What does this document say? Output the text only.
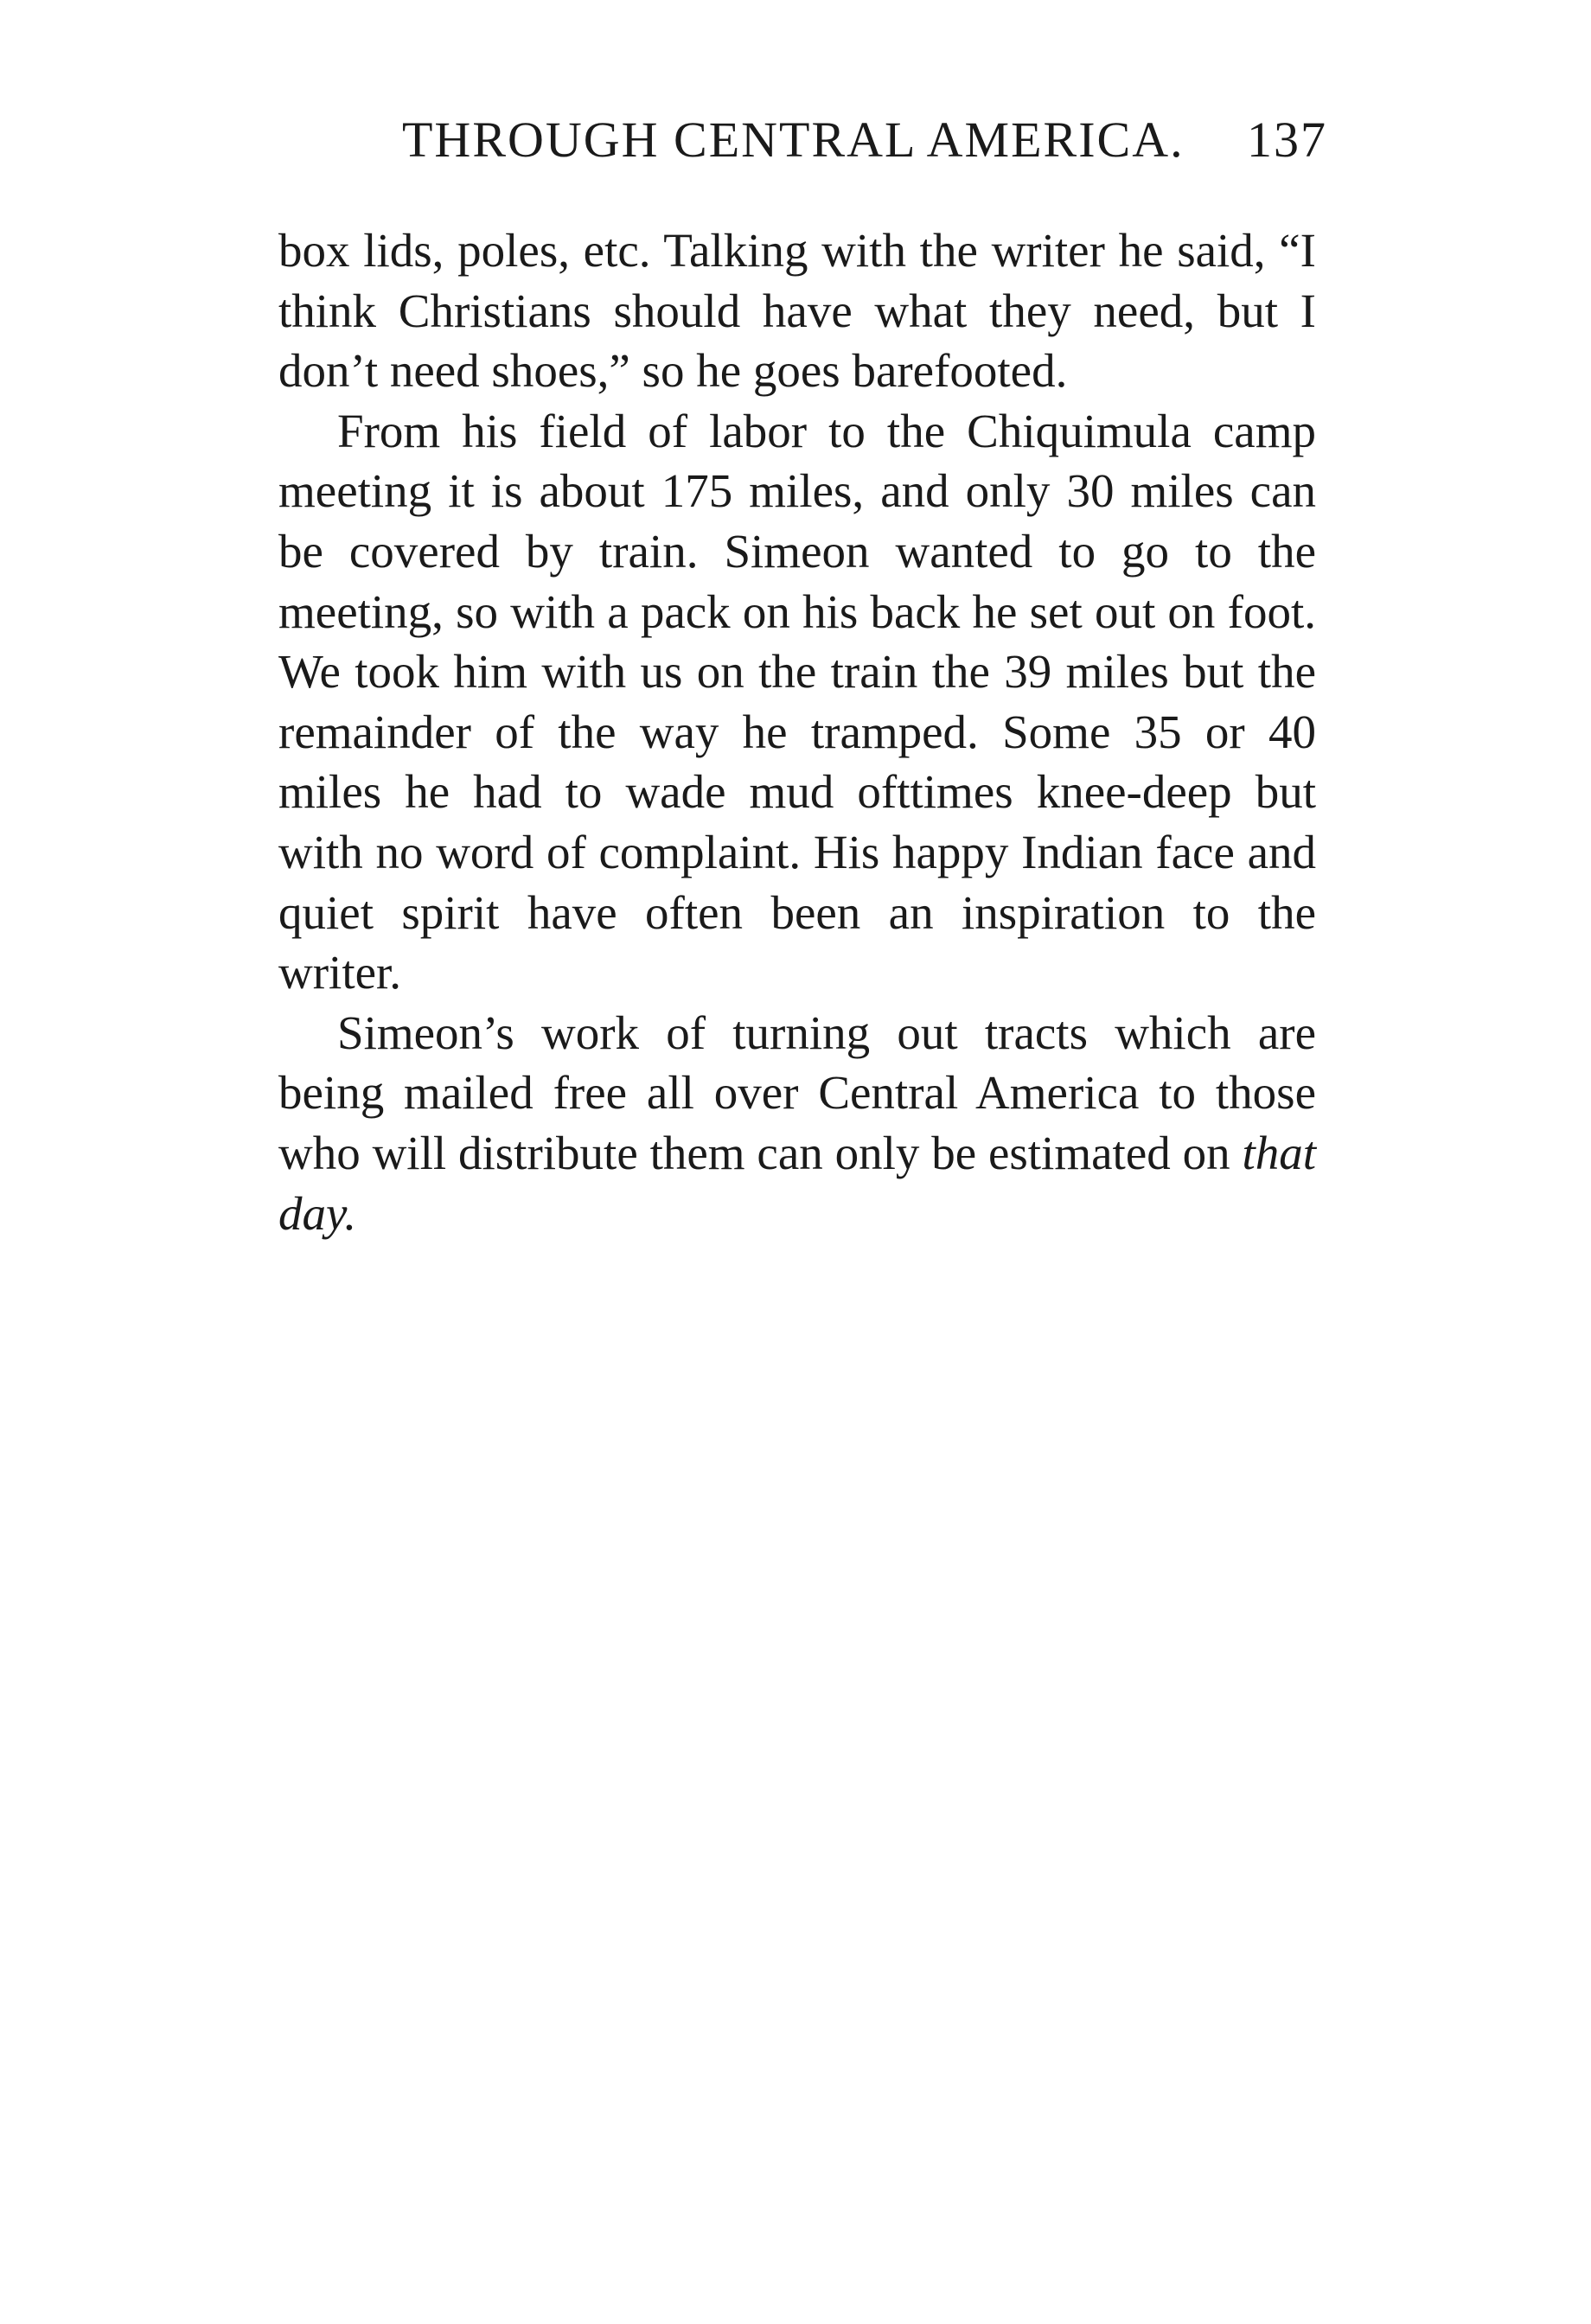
THROUGH CENTRAL AMERICA. 137

box lids, poles, etc. Talking with the writer he said, “I think Christians should have what they need, but I don’t need shoes,” so he goes barefooted.

From his field of labor to the Chiquimula camp meeting it is about 175 miles, and only 30 miles can be covered by train. Simeon wanted to go to the meeting, so with a pack on his back he set out on foot. We took him with us on the train the 39 miles but the remainder of the way he tramped. Some 35 or 40 miles he had to wade mud ofttimes knee-deep but with no word of complaint. His happy Indian face and quiet spirit have often been an inspiration to the writer.

Simeon’s work of turning out tracts which are being mailed free all over Central America to those who will distribute them can only be estimated on that day.
